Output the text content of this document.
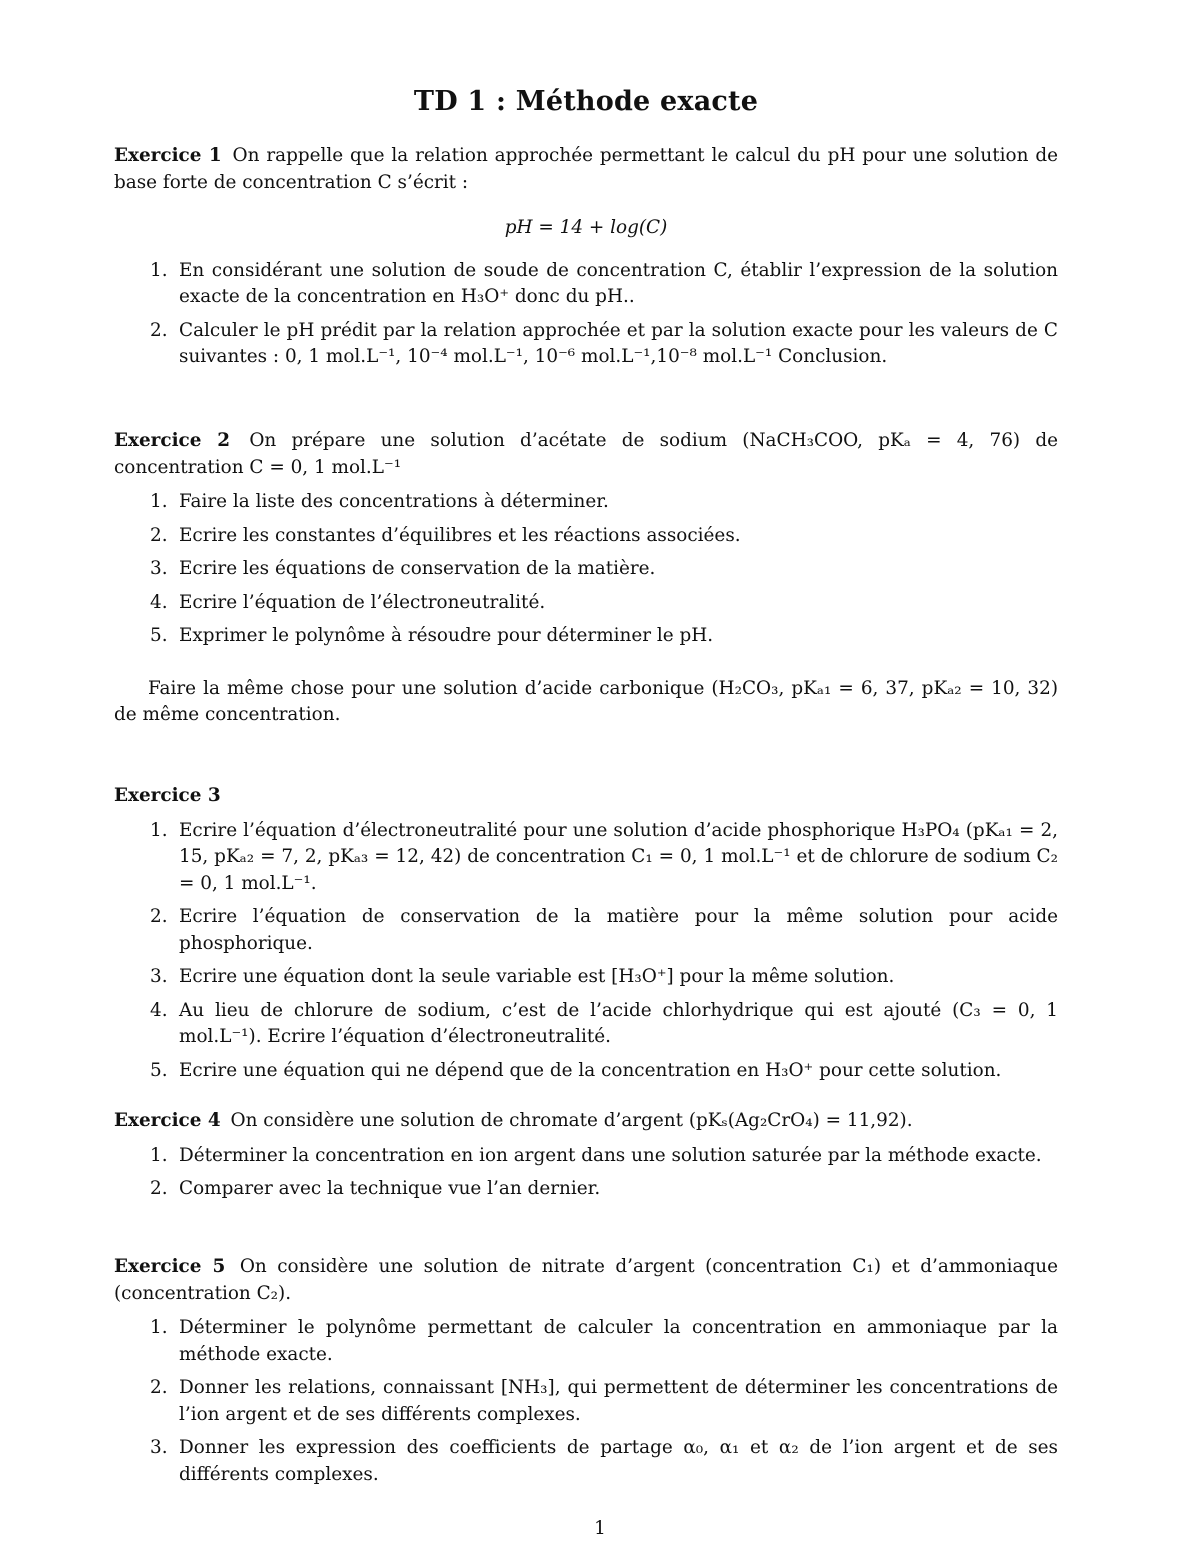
TD 1 : Méthode exacte
Exercice 1 On rappelle que la relation approchée permettant le calcul du pH pour une solution de base forte de concentration C s’écrit :
pH = 14 + log(C)
1. En considérant une solution de soude de concentration C, établir l’expression de la solution exacte de la concentration en H₃O⁺ donc du pH..
2. Calculer le pH prédit par la relation approchée et par la solution exacte pour les valeurs de C suivantes : 0, 1 mol.L⁻¹, 10⁻⁴ mol.L⁻¹, 10⁻⁶ mol.L⁻¹,10⁻⁸ mol.L⁻¹ Conclusion.
Exercice 2 On prépare une solution d’acétate de sodium (NaCH₃COO, pKₐ = 4, 76) de concentration C = 0, 1 mol.L⁻¹
1. Faire la liste des concentrations à déterminer.
2. Ecrire les constantes d’équilibres et les réactions associées.
3. Ecrire les équations de conservation de la matière.
4. Ecrire l’équation de l’électroneutralité.
5. Exprimer le polynôme à résoudre pour déterminer le pH.
Faire la même chose pour une solution d’acide carbonique (H₂CO₃, pKₐ₁ = 6, 37, pKₐ₂ = 10, 32) de même concentration.
Exercice 3
1. Ecrire l’équation d’électroneutralité pour une solution d’acide phosphorique H₃PO₄ (pKₐ₁ = 2, 15, pKₐ₂ = 7, 2, pKₐ₃ = 12, 42) de concentration C₁ = 0, 1 mol.L⁻¹ et de chlorure de sodium C₂ = 0, 1 mol.L⁻¹.
2. Ecrire l’équation de conservation de la matière pour la même solution pour acide phosphorique.
3. Ecrire une équation dont la seule variable est [H₃O⁺] pour la même solution.
4. Au lieu de chlorure de sodium, c’est de l’acide chlorhydrique qui est ajouté (C₃ = 0, 1 mol.L⁻¹). Ecrire l’équation d’électroneutralité.
5. Ecrire une équation qui ne dépend que de la concentration en H₃O⁺ pour cette solution.
Exercice 4 On considère une solution de chromate d’argent (pKₛ(Ag₂CrO₄) = 11,92).
1. Déterminer la concentration en ion argent dans une solution saturée par la méthode exacte.
2. Comparer avec la technique vue l’an dernier.
Exercice 5 On considère une solution de nitrate d’argent (concentration C₁) et d’ammoniaque (concentration C₂).
1. Déterminer le polynôme permettant de calculer la concentration en ammoniaque par la méthode exacte.
2. Donner les relations, connaissant [NH₃], qui permettent de déterminer les concentrations de l’ion argent et de ses différents complexes.
3. Donner les expression des coefficients de partage α₀, α₁ et α₂ de l’ion argent et de ses différents complexes.
1
